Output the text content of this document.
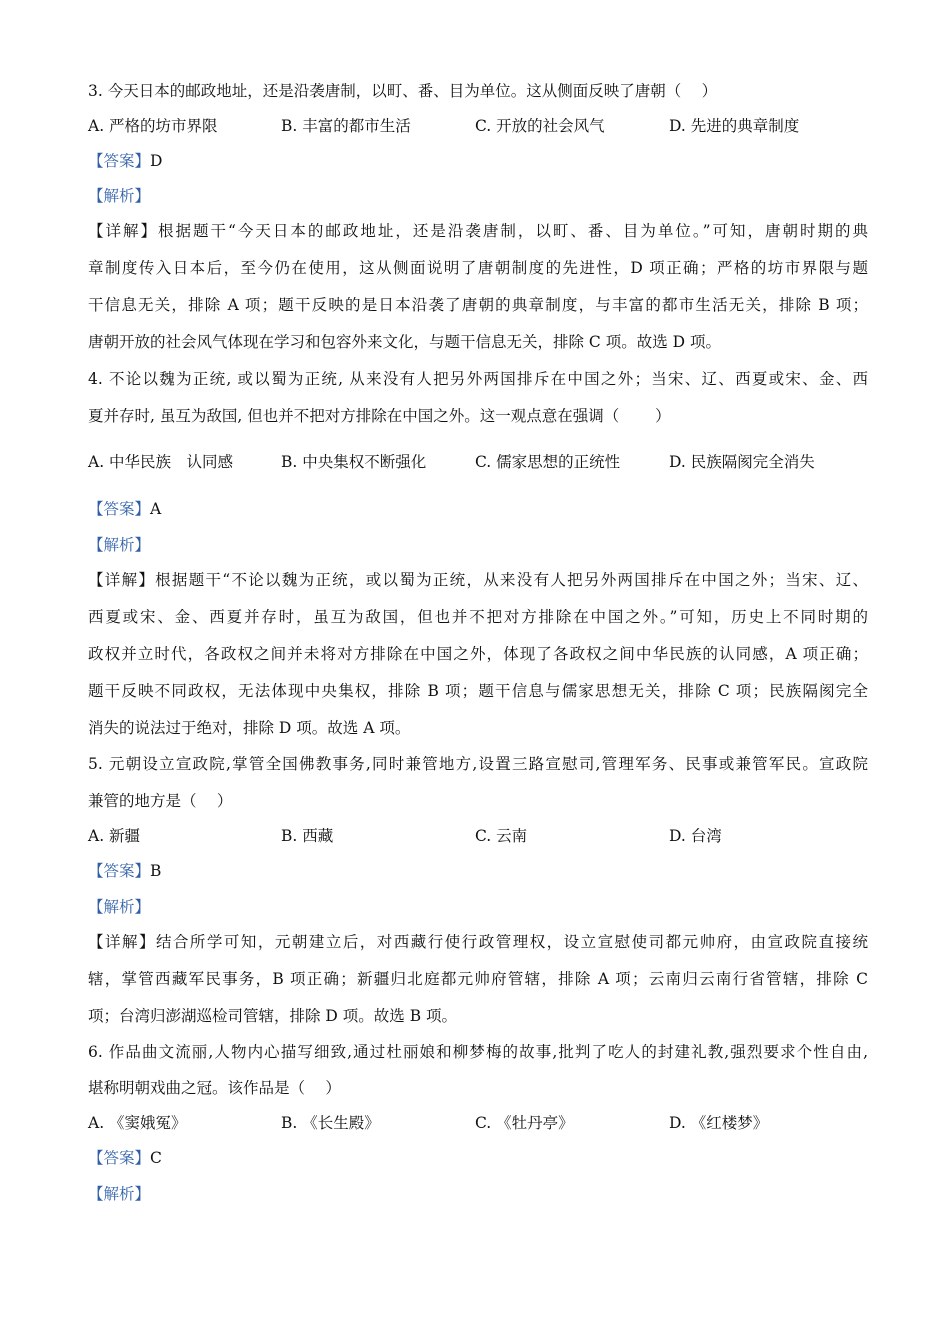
3. 今天日本的邮政地址，还是沿袭唐制，以町、番、目为单位。这从侧面反映了唐朝（　 ）
A. 严格的坊市界限	B. 丰富的都市生活	C. 开放的社会风气	D. 先进的典章制度
【答案】D
【解析】
【详解】根据题干“今天日本的邮政地址，还是沿袭唐制，以町、番、目为单位。”可知，唐朝时期的典
章制度传入日本后，至今仍在使用，这从侧面说明了唐朝制度的先进性，D 项正确；严格的坊市界限与题
干信息无关，排除 A 项；题干反映的是日本沿袭了唐朝的典章制度，与丰富的都市生活无关，排除 B 项；
唐朝开放的社会风气体现在学习和包容外来文化，与题干信息无关，排除 C 项。故选 D 项。
4. 不论以魏为正统, 或以蜀为正统, 从来没有人把另外两国排斥在中国之外；当宋、辽、西夏或宋、金、西
夏并存时, 虽互为敌国, 但也并不把对方排除在中国之外。这一观点意在强调（　　 ）
A. 中华民族　认同感	B. 中央集权不断强化	C. 儒家思想的正统性	D. 民族隔阂完全消失
【答案】A
【解析】
【详解】根据题干“不论以魏为正统，或以蜀为正统，从来没有人把另外两国排斥在中国之外；当宋、辽、
西夏或宋、金、西夏并存时，虽互为敌国，但也并不把对方排除在中国之外。”可知，历史上不同时期的
政权并立时代，各政权之间并未将对方排除在中国之外，体现了各政权之间中华民族的认同感，A 项正确；
题干反映不同政权，无法体现中央集权，排除 B 项；题干信息与儒家思想无关，排除 C 项；民族隔阂完全
消失的说法过于绝对，排除 D 项。故选 A 项。
5. 元朝设立宣政院,掌管全国佛教事务,同时兼管地方,设置三路宣慰司,管理军务、民事或兼管军民。宣政院
兼管的地方是（　 ）
A. 新疆	B. 西藏	C. 云南	D. 台湾
【答案】B
【解析】
【详解】结合所学可知，元朝建立后，对西藏行使行政管理权，设立宣慰使司都元帅府，由宣政院直接统
辖，掌管西藏军民事务，B 项正确；新疆归北庭都元帅府管辖，排除 A 项；云南归云南行省管辖，排除 C
项；台湾归澎湖巡检司管辖，排除 D 项。故选 B 项。
6. 作品曲文流丽,人物内心描写细致,通过杜丽娘和柳梦梅的故事,批判了吃人的封建礼教,强烈要求个性自由,
堪称明朝戏曲之冠。该作品是（　 ）
A. 《窦娥冤》	B. 《长生殿》	C. 《牡丹亭》	D. 《红楼梦》
【答案】C
【解析】
